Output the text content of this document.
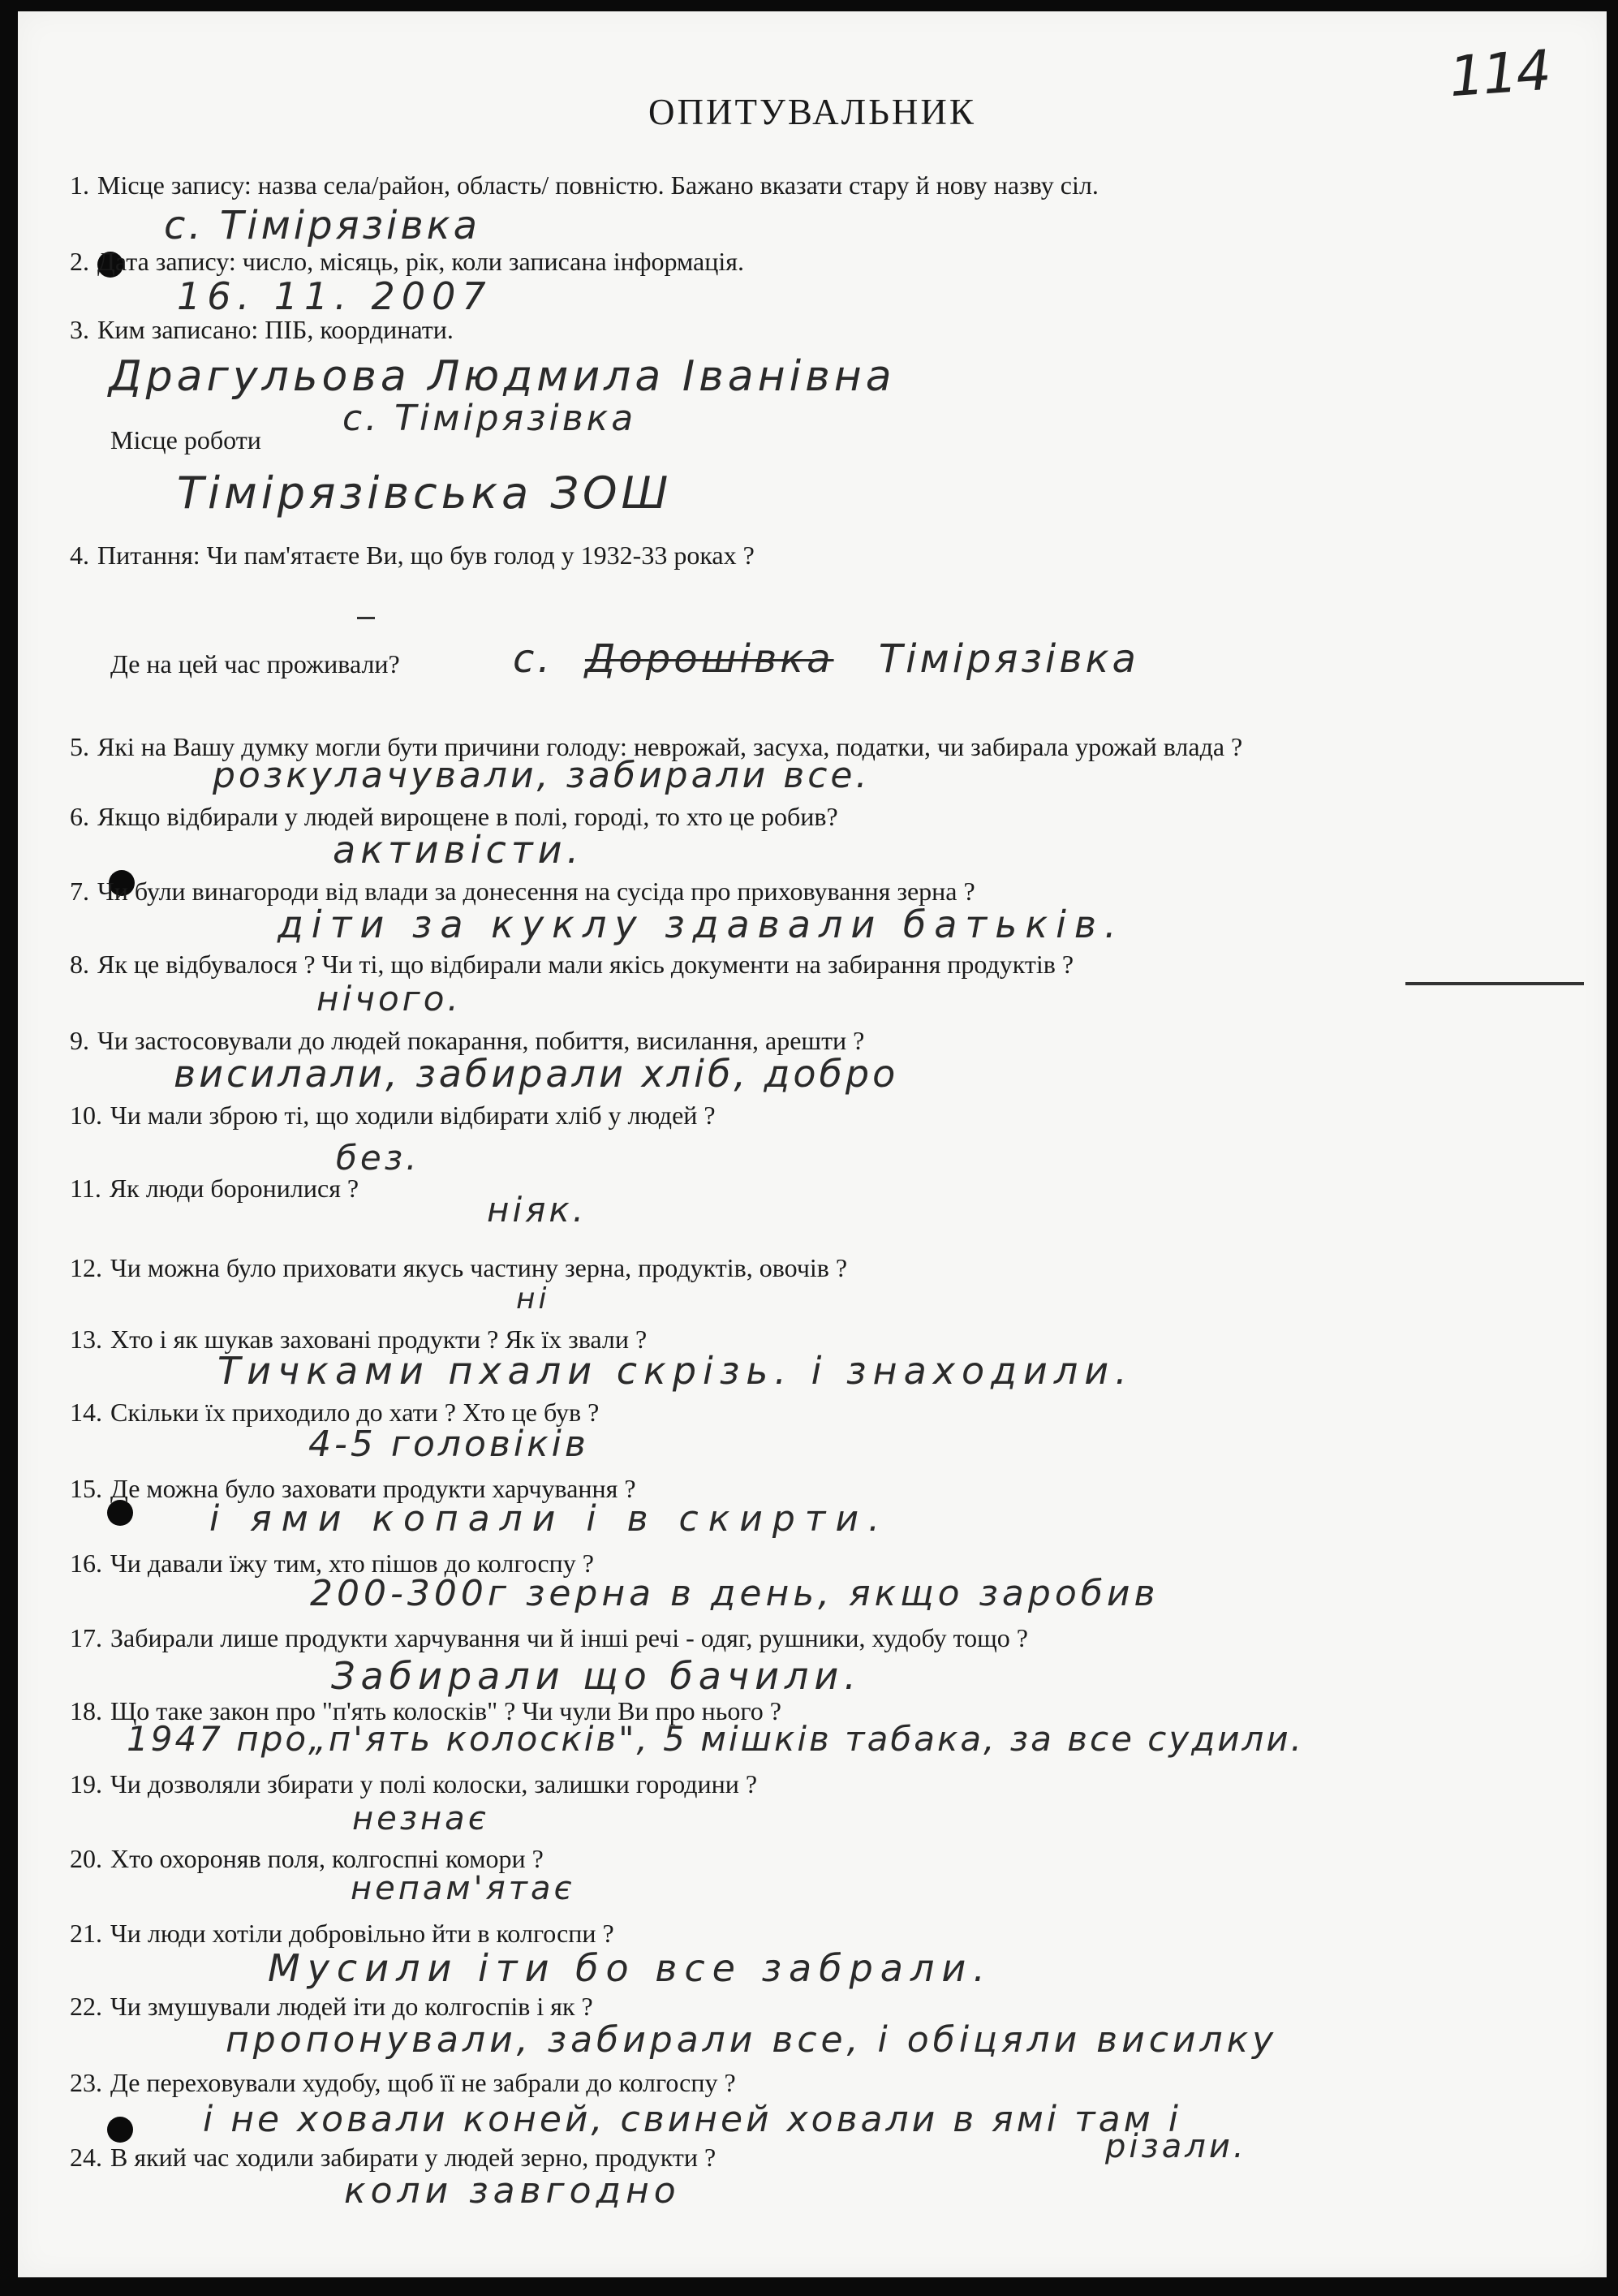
114
ОПИТУВАЛЬНИК
1. Місце запису: назва села/район, область/ повністю. Бажано вказати стару й нову назву сіл.
2. Дата запису: число, місяць, рік, коли записана інформація.
3. Ким записано: ПІБ, координати.
Місце роботи
4. Питання: Чи пам'ятаєте Ви, що був голод у 1932-33 роках ?
Де на цей час проживали?
5. Які на Вашу думку могли бути причини голоду: неврожай, засуха, податки, чи забирала урожай влада ?
6. Якщо відбирали у людей вирощене в полі, городі, то хто це робив?
7. Чи були винагороди від влади за донесення на сусіда про приховування зерна ?
8. Як це відбувалося ? Чи ті, що відбирали мали якісь документи на забирання продуктів ?
9. Чи застосовували до людей покарання, побиття, висилання, арешти ?
10. Чи мали зброю ті, що ходили відбирати хліб у людей ?
11. Як люди боронилися ?
12. Чи можна було приховати якусь частину зерна, продуктів, овочів ?
13. Хто і як шукав заховані продукти ? Як їх звали ?
14. Скільки їх приходило до хати ? Хто це був ?
15. Де можна було заховати продукти харчування ?
16. Чи давали їжу тим, хто пішов до колгоспу ?
17. Забирали лише продукти харчування чи й інші речі - одяг, рушники, худобу тощо ?
18. Що таке закон про "п'ять колосків" ? Чи чули Ви про нього ?
19. Чи дозволяли збирати у полі колоски, залишки городини ?
20. Хто охороняв поля, колгоспні комори ?
21. Чи люди хотіли добровільно йти в колгоспи ?
22. Чи змушували людей іти до колгоспів і як ?
23. Де переховували худобу, щоб її не забрали до колгоспу ?
24. В який час ходили забирати у людей зерно, продукти ?
с. Тімірязівка
16. 11. 2007
Драгульова Людмила Іванівна
с. Тімірязівка
Тімірязівська ЗОШ
с. Дорошівка Тімірязівка
розкулачували, забирали все.
активісти.
діти за куклу здавали батьків.
нічого.
висилали, забирали хліб, добро
без.
ніяк.
ні
Тичками пхали скрізь. і знаходили.
4-5 головіків
і ями копали і в скирти.
200-300г зерна в день, якщо заробив
Забирали що бачили.
1947 про„п'ять колосків", 5 мішків табака, за все судили.
незнає
непам'ятає
Мусили іти бо все забрали.
пропонували, забирали все, і обіцяли висилку
і не ховали коней, свиней ховали в ямі там і
різали.
коли завгодно
